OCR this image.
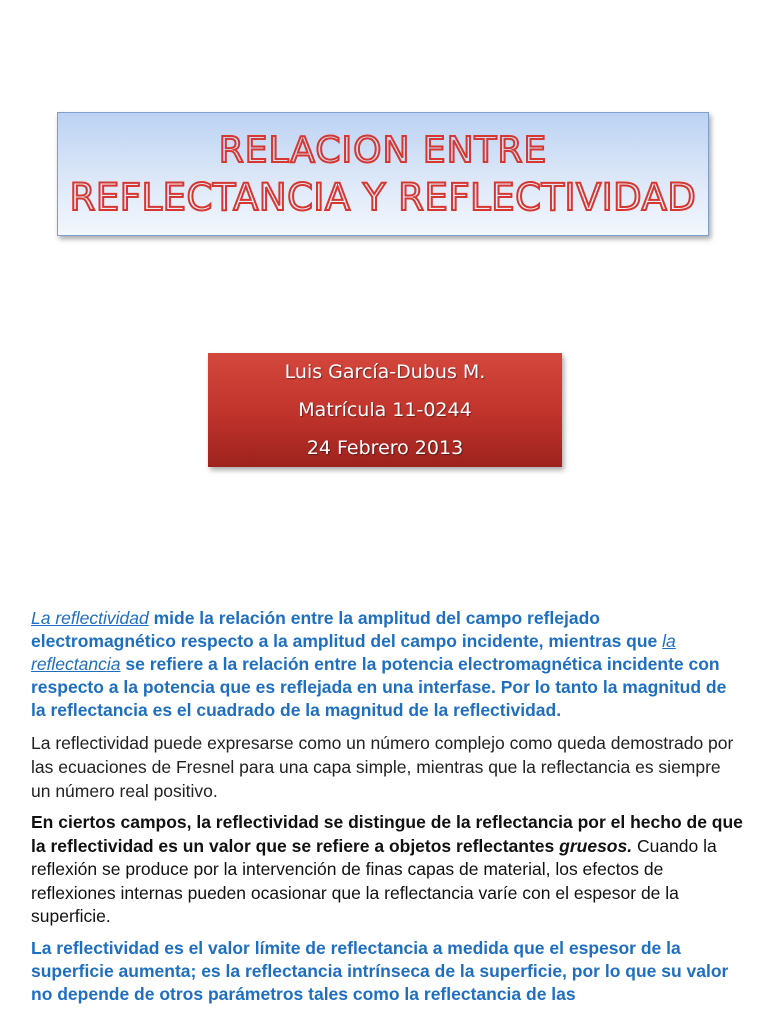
RELACION ENTRE
REFLECTANCIA Y REFLECTIVIDAD
Luis García-Dubus M.
Matrícula 11-0244
24 Febrero 2013

La reflectividad mide la relación entre la amplitud del campo reflejado electromagnético respecto a la amplitud del campo incidente, mientras que la reflectancia se refiere a la relación entre la potencia electromagnética incidente con respecto a la potencia que es reflejada en una interfase. Por lo tanto la magnitud de la reflectancia es el cuadrado de la magnitud de la reflectividad.

La reflectividad puede expresarse como un número complejo como queda demostrado por las ecuaciones de Fresnel para una capa simple, mientras que la reflectancia es siempre un número real positivo.

En ciertos campos, la reflectividad se distingue de la reflectancia por el hecho de que la reflectividad es un valor que se refiere a objetos reflectantes gruesos. Cuando la reflexión se produce por la intervención de finas capas de material, los efectos de reflexiones internas pueden ocasionar que la reflectancia varíe con el espesor de la superficie.

La reflectividad es el valor límite de reflectancia a medida que el espesor de la superficie aumenta; es la reflectancia intrínseca de la superficie, por lo que su valor no depende de otros parámetros tales como la reflectancia de las
